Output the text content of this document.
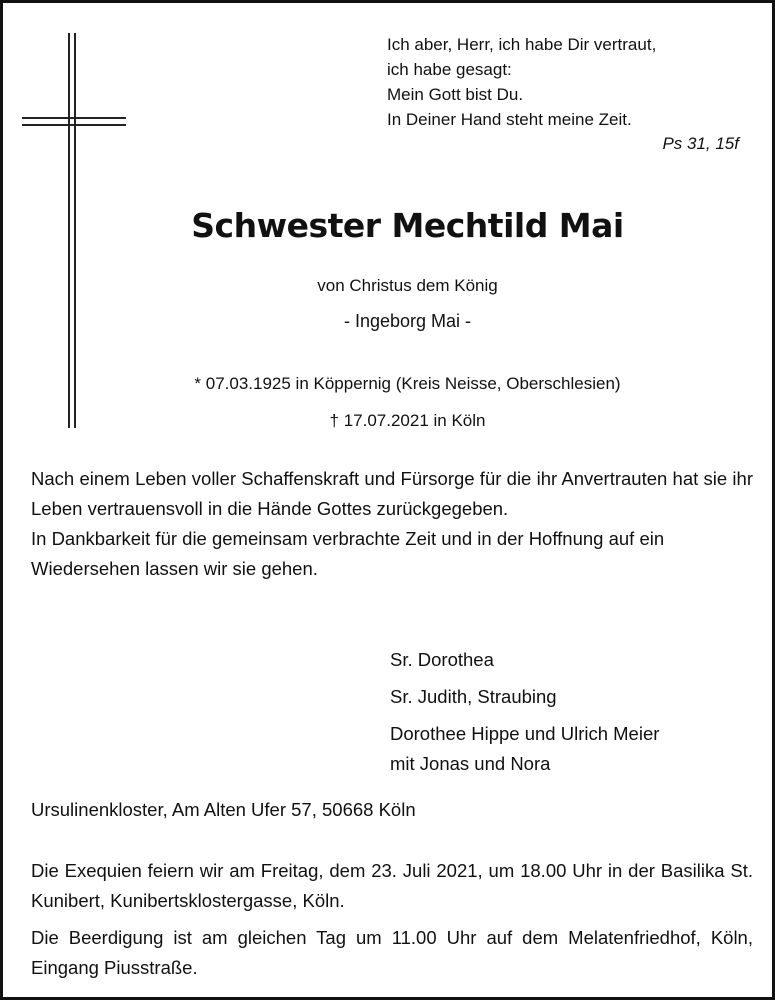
Ich aber, Herr, ich habe Dir vertraut,
ich habe gesagt:
Mein Gott bist Du.
In Deiner Hand steht meine Zeit.
Ps 31, 15f
Schwester Mechtild Mai
von Christus dem König
- Ingeborg Mai -
* 07.03.1925 in Köppernig (Kreis Neisse, Oberschlesien)
† 17.07.2021 in Köln
Nach einem Leben voller Schaffenskraft und Fürsorge für die ihr Anvertrauten hat sie ihr Leben vertrauensvoll in die Hände Gottes zurückgegeben.
In Dankbarkeit für die gemeinsam verbrachte Zeit und in der Hoffnung auf ein Wiedersehen lassen wir sie gehen.
Sr. Dorothea
Sr. Judith, Straubing
Dorothee Hippe und Ulrich Meier
mit Jonas und Nora
Ursulinenkloster, Am Alten Ufer 57, 50668 Köln

Die Exequien feiern wir am Freitag, dem 23. Juli 2021, um 18.00 Uhr in der Basilika St. Kunibert, Kunibertsklostergasse, Köln.

Die Beerdigung ist am gleichen Tag um 11.00 Uhr auf dem Melatenfriedhof, Köln, Eingang Piusstraße.
